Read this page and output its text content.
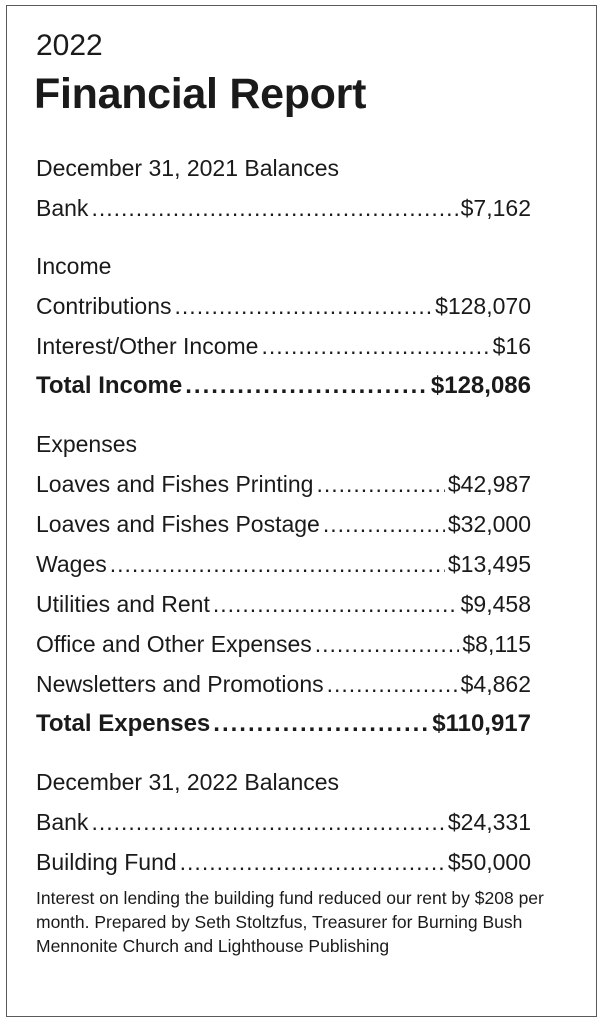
2022
Financial Report
December 31, 2021 Balances
Bank .....	$7,162
Income
Contributions .....	$128,070
Interest/Other Income .....	$16
Total Income .....	$128,086
Expenses
Loaves and Fishes Printing .....	$42,987
Loaves and Fishes Postage .....	$32,000
Wages .....	$13,495
Utilities and Rent .....	$9,458
Office and Other Expenses .....	$8,115
Newsletters and Promotions .....	$4,862
Total Expenses .....	$110,917
December 31, 2022 Balances
Bank .....	$24,331
Building Fund .....	$50,000
Interest on lending the building fund reduced our rent by $208 per month. Prepared by Seth Stoltzfus, Treasurer for Burning Bush Mennonite Church and Lighthouse Publishing
